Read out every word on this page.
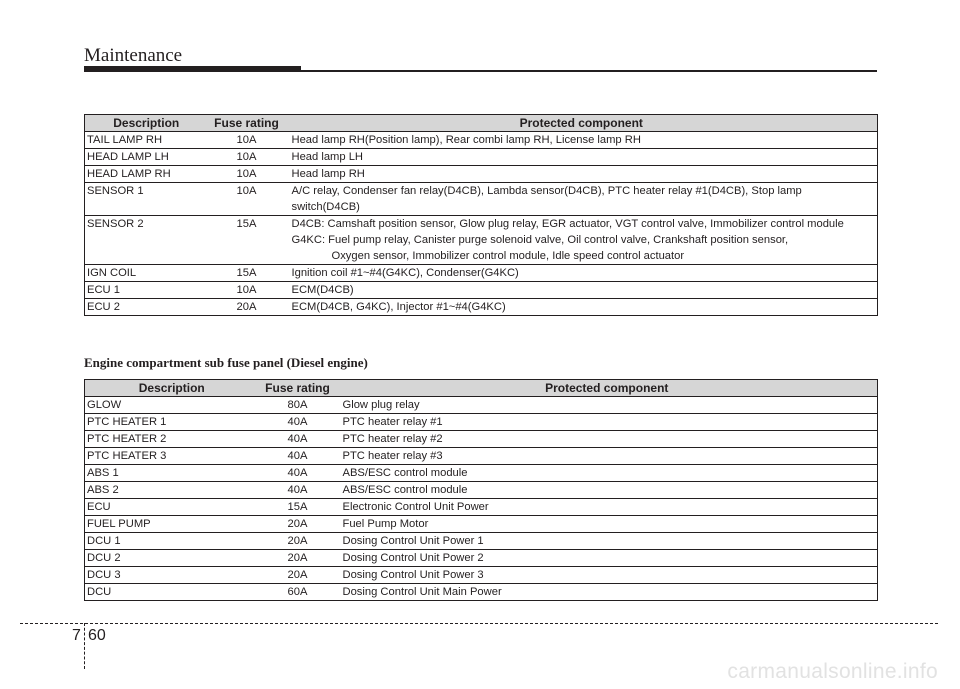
Maintenance
Description	Fuse rating	Protected component
TAIL LAMP RH	10A	Head lamp RH(Position lamp), Rear combi lamp RH, License lamp RH

HEAD LAMP LH	10A	Head lamp LH

HEAD LAMP RH	10A	Head lamp RH

SENSOR 1	10A	A/C relay, Condenser fan relay(D4CB), Lambda sensor(D4CB), PTC heater relay #1(D4CB), Stop lamp
switch(D4CB)

SENSOR 2	15A	D4CB: Camshaft position sensor, Glow plug relay, EGR actuator, VGT control valve, Immobilizer control module
G4KC: Fuel pump relay, Canister purge solenoid valve, Oil control valve, Crankshaft position sensor,
Oxygen sensor, Immobilizer control module, Idle speed control actuator

IGN COIL	15A	Ignition coil #1~#4(G4KC), Condenser(G4KC)

ECU 1	10A	ECM(D4CB)

ECU 2	20A	ECM(D4CB, G4KC), Injector #1~#4(G4KC)
Engine compartment sub fuse panel (Diesel engine)
Description	Fuse rating	Protected component
GLOW	80A	Glow plug relay
PTC HEATER 1	40A	PTC heater relay #1
PTC HEATER 2	40A	PTC heater relay #2
PTC HEATER 3	40A	PTC heater relay #3
ABS 1	40A	ABS/ESC control module
ABS 2	40A	ABS/ESC control module
ECU	15A	Electronic Control Unit Power
FUEL PUMP	20A	Fuel Pump Motor
DCU 1	20A	Dosing Control Unit Power 1
DCU 2	20A	Dosing Control Unit Power 2
DCU 3	20A	Dosing Control Unit Power 3
DCU	60A	Dosing Control Unit Main Power
7 60
carmanualsonline.info
